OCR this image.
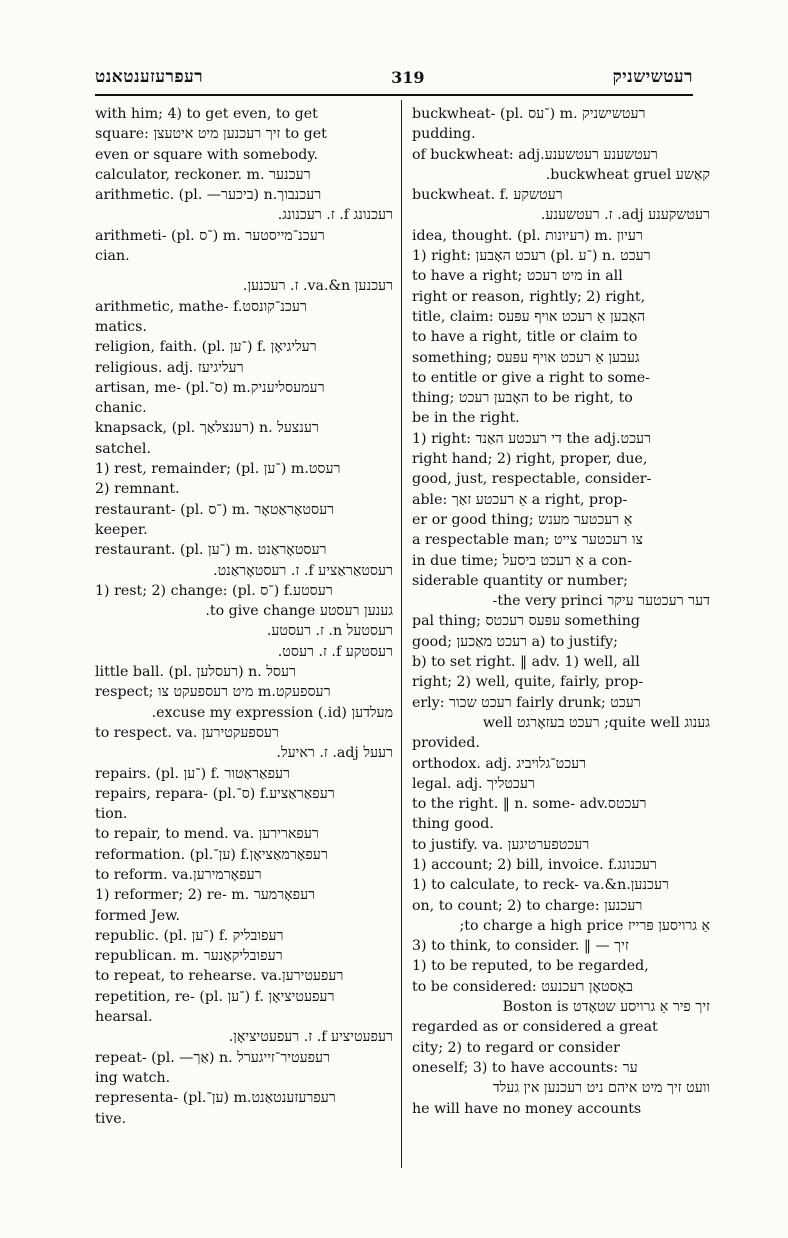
רעפרעזענטאנט	319	רעטשישניק
with him; 4) to get even, to get
square: זיך רעכנען מיט איטעצן to get
even or square with somebody.
calculator, reckoner. m. רעכנער
arithmetic. (pl. —ביכער) n.רעכנבוך
רעכנונג f. ז. רעכנונג.
arithmeti- (pl. ־ס) m. רעכנ־מייסטער
cian.
רעכנען va.&n. ז. רעכנען.
arithmetic, mathe- f.רעכנ־קונסט
matics.
religion, faith. (pl. ־ען) f. רעליגיאָן
religious. adj. רעליגיעז
artisan, me- (pl.ס־) m.רעמעסליעניק
chanic.
knapsack, (pl. רענצלאַך) n. רענצעל
satchel.
1) rest, remainder; (pl. ־ען) m.רעסט
2) remnant.
restaurant- (pl. ־ס) m. רעסטאָראַטאָר
keeper.
restaurant. (pl. ־ען) m. רעסטאָראַנט
רעסטאַראַציע f. ז. רעסטאָראַנט.
1) rest; 2) change: (pl. ־ס) f.רעסטע
גענען רעסטע to give change.
רעסטעל n. ז. רעסטע.
רעסטקע f. ז. רעסט.
little ball. (pl. רעסלען) n. רעסל
respect; מיט רעספעקט צו m.רעספעקט
מעלדען (id.) excuse my expression.
to respect. va. רעספעקטירען
רעעל adj. ז. ראיעל.
repairs. (pl. ־ען) f. רעפאַראַטור
repairs, repara- (pl.ס־) f.רעפאַראַציע
tion.
to repair, to mend. va. רעפארירען
reformation. (pl.ען־) f.רעפאָרמאַציאָן
to reform. va.רעפאָרמירען
1) reformer; 2) re- m. רעפאָרמער
formed Jew.
republic. (pl. ־ען) f. רעפובליק
republican. m. רעפובליקאַנער
to repeat, to rehearse. va.רעפעטירען
repetition, re- (pl. ־ען) f. רעפעטיציאָן
hearsal.
רעפעטיציע f. ז. רעפעטיציאָן.
repeat- (pl. —אַך) n. רעפעטיר־זייגערל
ing watch.
representa- (pl.ען־) m.רעפרעזענטאַנט
tive.
buckwheat- (pl. ־עס) m. רעטשישניק
pudding.
of buckwheat: adj.רעטשענע רעטשענע
קאַשע buckwheat gruel.
buckwheat. f. רעטשקע
רעטשקענע adj. ז. רעטשענע.
idea, thought. (pl. רעיונות) m. רעיון
1) right: רעכט האָבען (pl. ־ע) n. רעכט
to have a right; מיט רעכט in all
right or reason, rightly; 2) right,
title, claim: האָבען אַ רעכט אויף עפּעס
to have a right, title or claim to
something; געבען אַ רעכט אויף עפּעס
to entitle or give a right to some-
thing; האָבען רעכט to be right, to
be in the right.
1) right: די רעכטע האַנד the adj.רעכט
right hand; 2) right, proper, due,
good, just, respectable, consider-
able: אַ רעכטע זאַך a right, prop-
er or good thing; אַ רעכטער מענש
a respectable man; צו רעכטער צייט
in due time; אַ רעכט ביסעל a con-
siderable quantity or number;
דער רעכטער עיקר the very princi-
pal thing; עפּעס רעכטס something
good; רעכט מאַכען a) to justify;
b) to set right. ‖ adv. 1) well, all
right; 2) well, quite, fairly, prop-
erly: רעכט שכור fairly drunk; רעכט
גענוג quite well; רעכט בעזאָרגט well
provided.
orthodox. adj. רעכט־גלויביג
legal. adj. רעכטליך
to the right. ‖ n. some- adv.רעכטס
thing good.
to justify. va. רעכטפערטיגען
1) account; 2) bill, invoice. f.רעכנונג
1) to calculate, to reck- va.&n.רעכנען
on, to count; 2) to charge: רעכנען
אַ גרויסען פּרייז to charge a high price;
3) to think, to consider. ‖ — זיך
1) to be reputed, to be regarded,
to be considered: באָסטאָן רעכנעט
זיך פיר אַ גרויסע שטאָדט Boston is
regarded as or considered a great
city; 2) to regard or consider
oneself; 3) to have accounts: ער
וועט זיך מיט איהם ניט רעכנען אין געלד
he will have no money accounts
